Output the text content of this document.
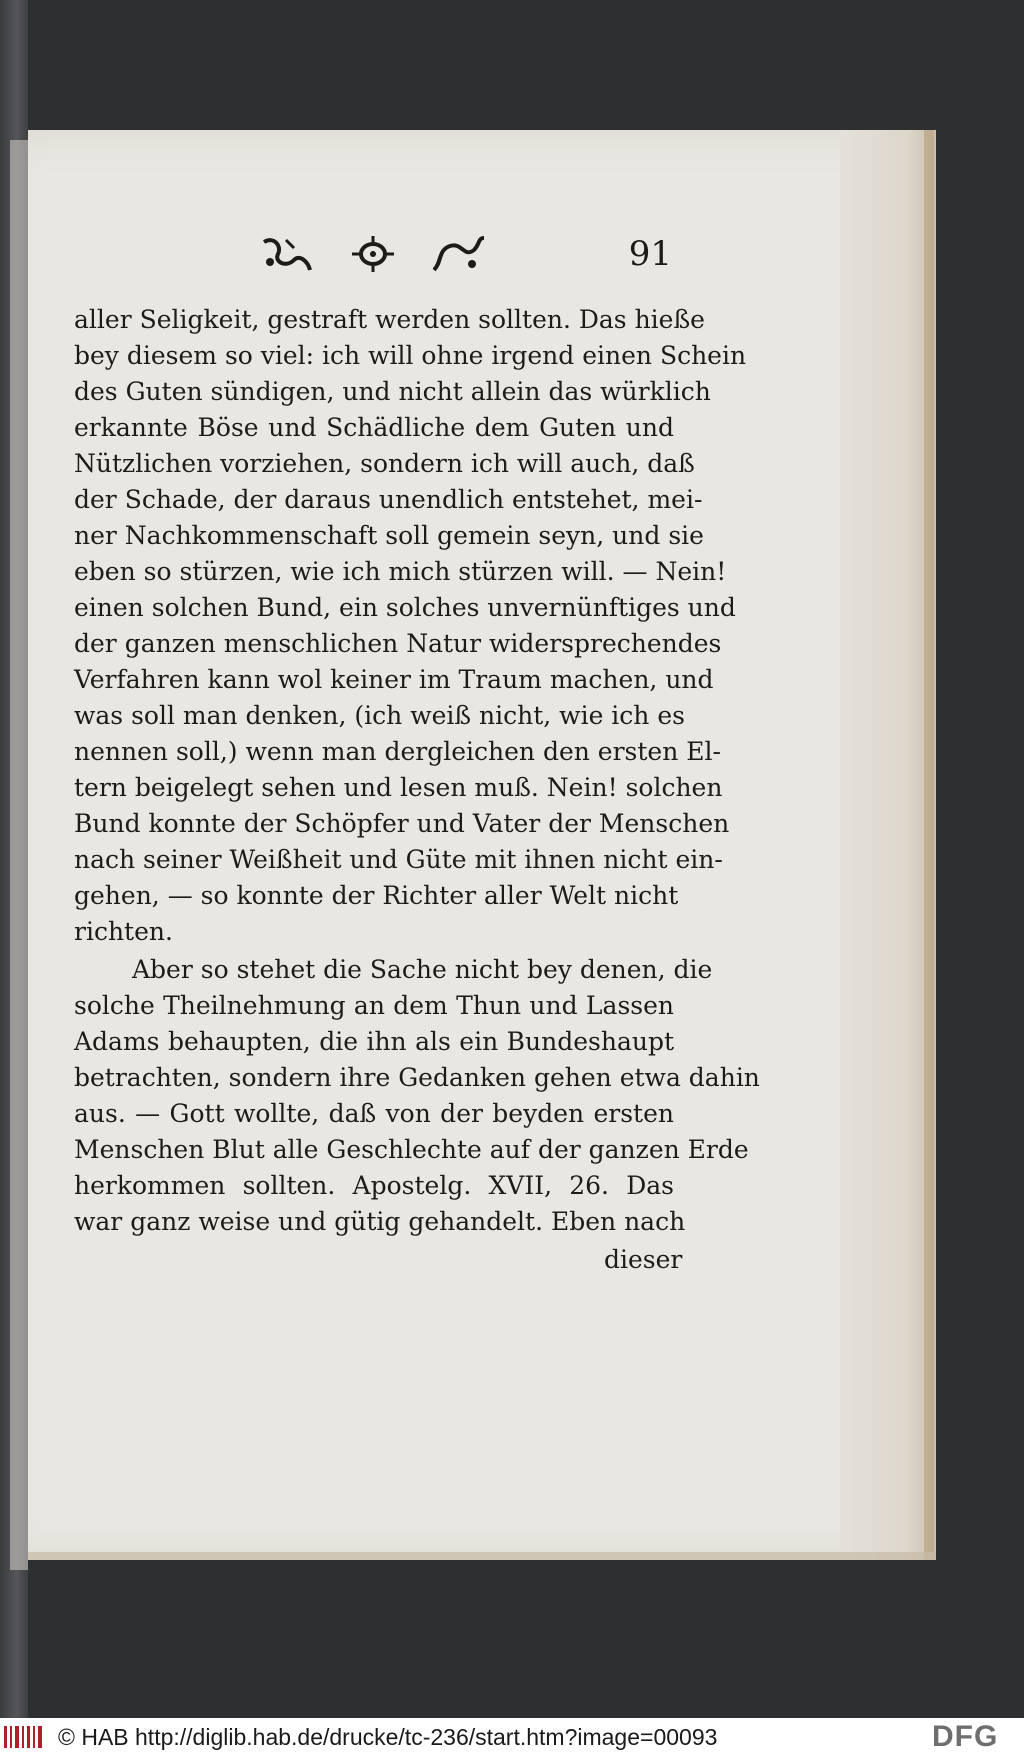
91
aller Seligkeit, gestraft werden sollten. Das hieße
bey diesem so viel: ich will ohne irgend einen Schein
des Guten sündigen, und nicht allein das würklich
erkannte Böse und Schädliche dem Guten und
Nützlichen vorziehen, sondern ich will auch, daß
der Schade, der daraus unendlich entstehet, mei-
ner Nachkommenschaft soll gemein seyn, und sie
eben so stürzen, wie ich mich stürzen will. — Nein!
einen solchen Bund, ein solches unvernünftiges und
der ganzen menschlichen Natur widersprechendes
Verfahren kann wol keiner im Traum machen, und
was soll man denken, (ich weiß nicht, wie ich es
nennen soll,) wenn man dergleichen den ersten El-
tern beigelegt sehen und lesen muß. Nein! solchen
Bund konnte der Schöpfer und Vater der Menschen
nach seiner Weißheit und Güte mit ihnen nicht ein-
gehen, — so konnte der Richter aller Welt nicht
richten.
Aber so stehet die Sache nicht bey denen, die
solche Theilnehmung an dem Thun und Lassen
Adams behaupten, die ihn als ein Bundeshaupt
betrachten, sondern ihre Gedanken gehen etwa dahin
aus. — Gott wollte, daß von der beyden ersten
Menschen Blut alle Geschlechte auf der ganzen Erde
herkommen sollten. Apostelg. XVII, 26. Das
war ganz weise und gütig gehandelt. Eben nach
dieser
© HAB http://diglib.hab.de/drucke/tc-236/start.htm?image=00093	DFG
